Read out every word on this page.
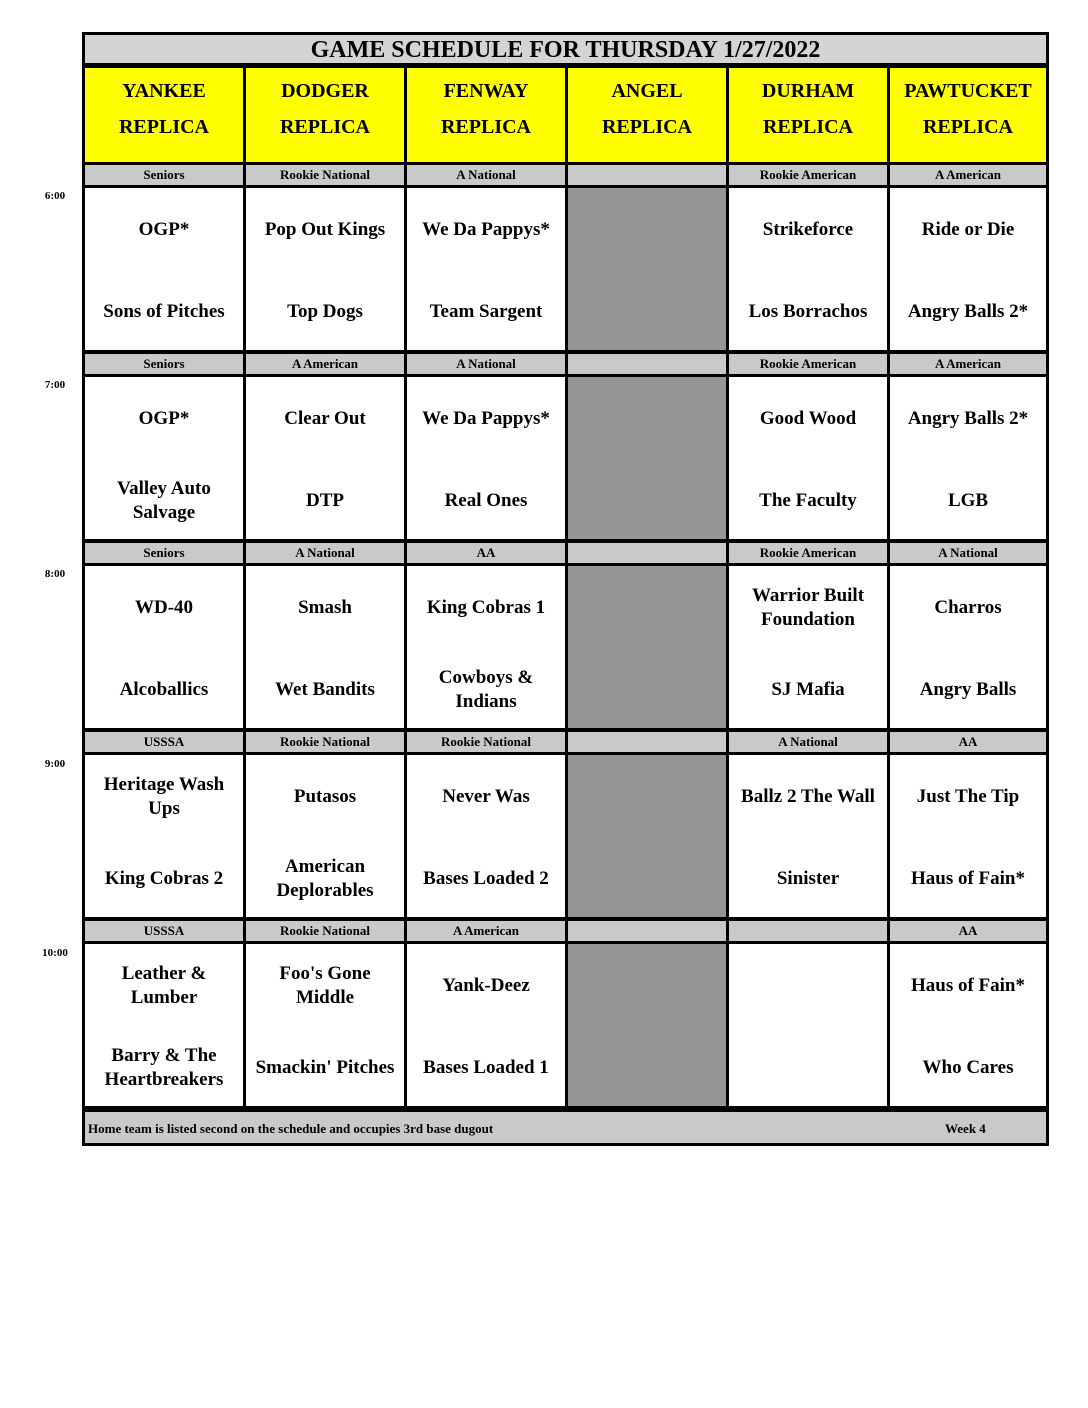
GAME SCHEDULE FOR THURSDAY 1/27/2022
YANKEE
REPLICA
DODGER
REPLICA
FENWAY
REPLICA
ANGEL
REPLICA
DURHAM
REPLICA
PAWTUCKET
REPLICA
Seniors
OGP*
Sons of Pitches
Rookie National
Pop Out Kings
Top Dogs
A National
We Da Pappys*
Team Sargent
Rookie American
Strikeforce
Los Borrachos
A American
Ride or Die
Angry Balls 2*
Seniors
OGP*
Valley Auto Salvage
A American
Clear Out
DTP
A National
We Da Pappys*
Real Ones
Rookie American
Good Wood
The Faculty
A American
Angry Balls 2*
LGB
Seniors
WD-40
Alcoballics
A National
Smash
Wet Bandits
AA
King Cobras 1
Cowboys & Indians
Rookie American
Warrior Built Foundation
SJ Mafia
A National
Charros
Angry Balls
USSSA
Heritage Wash Ups
King Cobras 2
Rookie National
Putasos
American Deplorables
Rookie National
Never Was
Bases Loaded 2
A National
Ballz 2 The Wall
Sinister
AA
Just The Tip
Haus of Fain*
USSSA
Leather & Lumber
Barry & The Heartbreakers
Rookie National
Foo's Gone Middle
Smackin' Pitches
A American
Yank-Deez
Bases Loaded 1
AA
Haus of Fain*
Who Cares
Home team is listed second on the schedule and occupies 3rd base dugout	Week 4
6:00
7:00
8:00
9:00
10:00
